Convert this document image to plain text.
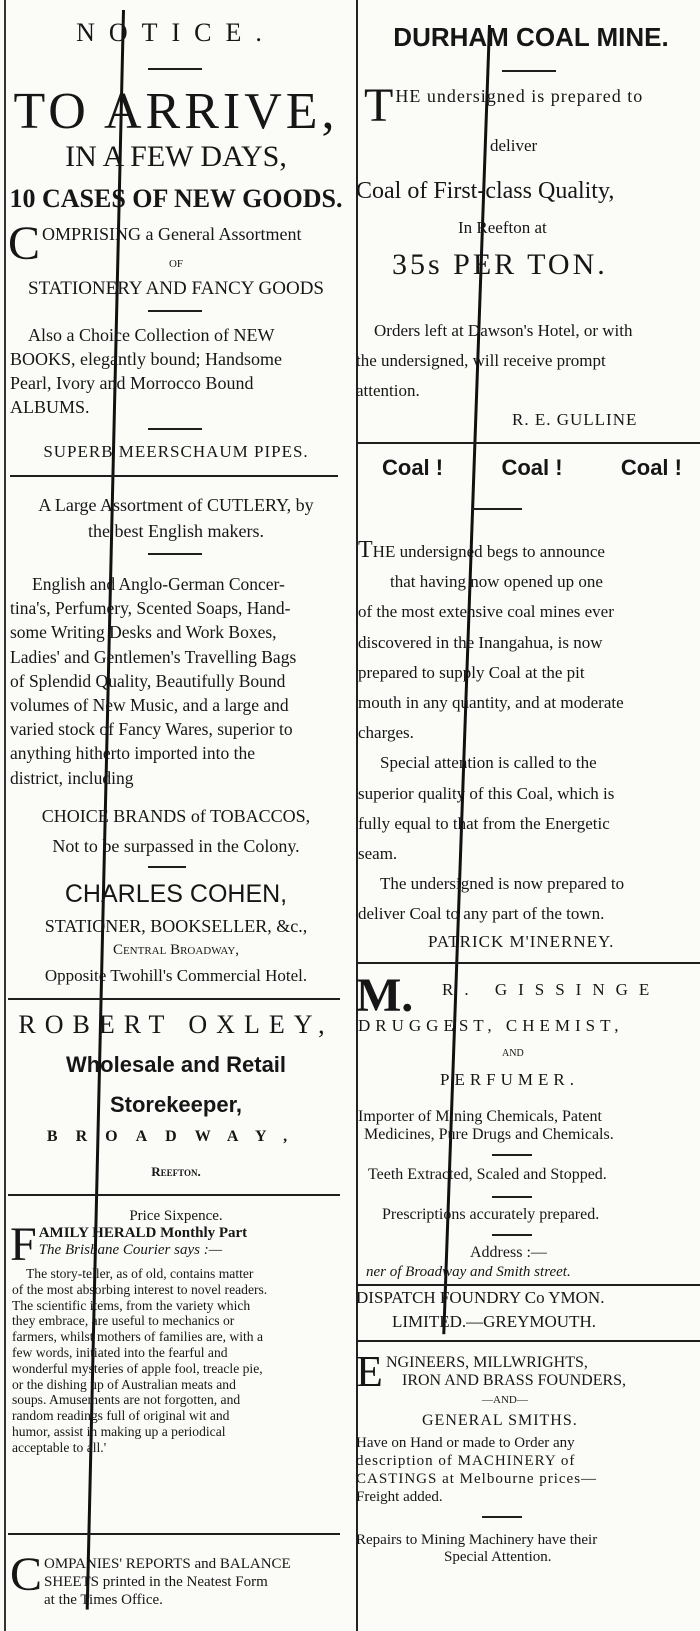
NOTICE.
TO ARRIVE,
IN A FEW DAYS,
10 CASES OF NEW GOODS.
COMPRISING a General Assortment
OF
STATIONERY AND FANCY GOODS
Also a Choice Collection of NEW
BOOKS, elegantly bound; Handsome
Pearl, Ivory and Morrocco Bound
ALBUMS.
SUPERB MEERSCHAUM PIPES.
A Large Assortment of CUTLERY, by
the best English makers.
English and Anglo-German Concer-
tina's, Perfumery, Scented Soaps, Hand-
some Writing Desks and Work Boxes,
Ladies' and Gentlemen's Travelling Bags
of Splendid Quality, Beautifully Bound
volumes of New Music, and a large and
varied stock of Fancy Wares, superior to
anything hitherto imported into the
district, including
CHOICE BRANDS of TOBACCOS,
Not to be surpassed in the Colony.
CHARLES COHEN,
STATIONER, BOOKSELLER, &c.,
Central Broadway,
Opposite Twohill's Commercial Hotel.
ROBERT OXLEY,
Wholesale and Retail
Storekeeper,
BROADWAY,
Reefton.
Price Sixpence.
F AMILY HERALD Monthly Part
The Brisbane Courier says :—
The story-teller, as of old, contains matter
of the most absorbing interest to novel readers.
The scientific items, from the variety which
they embrace, are useful to mechanics or
farmers, whilst mothers of families are, with a
few words, initiated into the fearful and
wonderful mysteries of apple fool, treacle pie,
or the dishing up of Australian meats and
soups. Amusements are not forgotten, and
random readings full of original wit and
humor, assist in making up a periodical
acceptable to all.'
C OMPANIES' REPORTS and BALANCE
SHEETS printed in the Neatest Form
at the Times Office.
DURHAM COAL MINE.
THE undersigned is prepared to
deliver
Coal of First-class Quality,
In Reefton at
35s PER TON.
Orders left at Dawson's Hotel, or with
the undersigned, will receive prompt
attention.
R. E. GULLINE
Coal !	Coal !	Coal !
THE undersigned begs to announce
that having now opened up one
of the most extensive coal mines ever
discovered in the Inangahua, is now
prepared to supply Coal at the pit
mouth in any quantity, and at moderate
charges.
Special attention is called to the
superior quality of this Coal, which is
fully equal to that from the Energetic
seam.
The undersigned is now prepared to
deliver Coal to any part of the town.
PATRICK M'INERNEY.
M. R. GISSINGE
DRUGGEST, CHEMIST,
AND
PERFUMER.
Importer of Mining Chemicals, Patent
Medicines, Pure Drugs and Chemicals.
Teeth Extracted, Scaled and Stopped.
Prescriptions accurately prepared.
Address :—
ner of Broadway and Smith street.
DISPATCH FOUNDRY Co YMON.
LIMITED.—GREYMOUTH.
E NGINEERS, MILLWRIGHTS,
IRON AND BRASS FOUNDERS,
—AND—
GENERAL SMITHS.
Have on Hand or made to Order any
description of MACHINERY of
CASTINGS at Melbourne prices—
Freight added.
Repairs to Mining Machinery have their
Special Attention.
